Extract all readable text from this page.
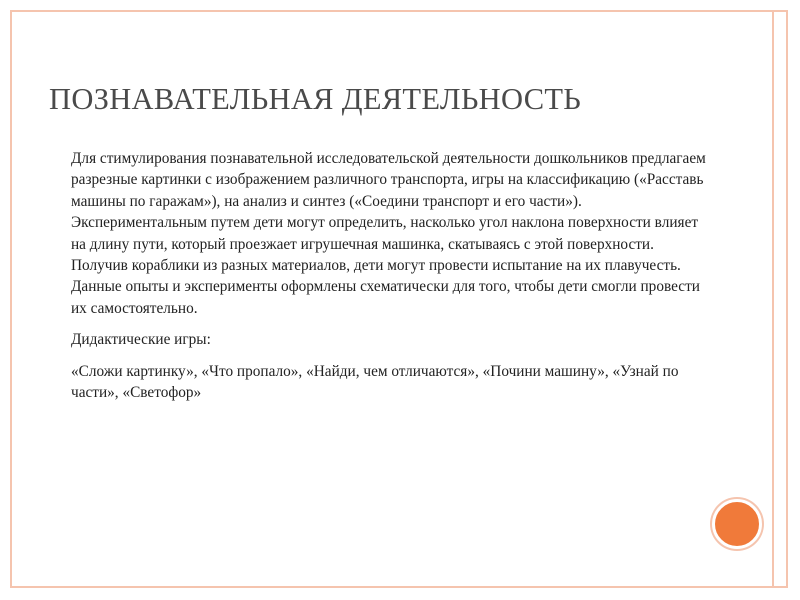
ПОЗНАВАТЕЛЬНАЯ ДЕЯТЕЛЬНОСТЬ
Для стимулирования познавательной исследовательской деятельности дошкольников предлагаем разрезные картинки с изображением различного транспорта, игры на классификацию («Расставь машины по гаражам»), на анализ и синтез («Соедини транспорт и его части»). Экспериментальным путем дети могут определить, насколько угол наклона поверхности влияет на длину пути, который проезжает игрушечная машинка, скатываясь с этой поверхности. Получив кораблики из разных материалов, дети могут провести испытание на их плавучесть. Данные опыты и эксперименты оформлены схематически для того, чтобы дети смогли провести их самостоятельно.
Дидактические игры:
«Сложи картинку», «Что пропало», «Найди, чем отличаются», «Почини машину», «Узнай по части», «Светофор»
